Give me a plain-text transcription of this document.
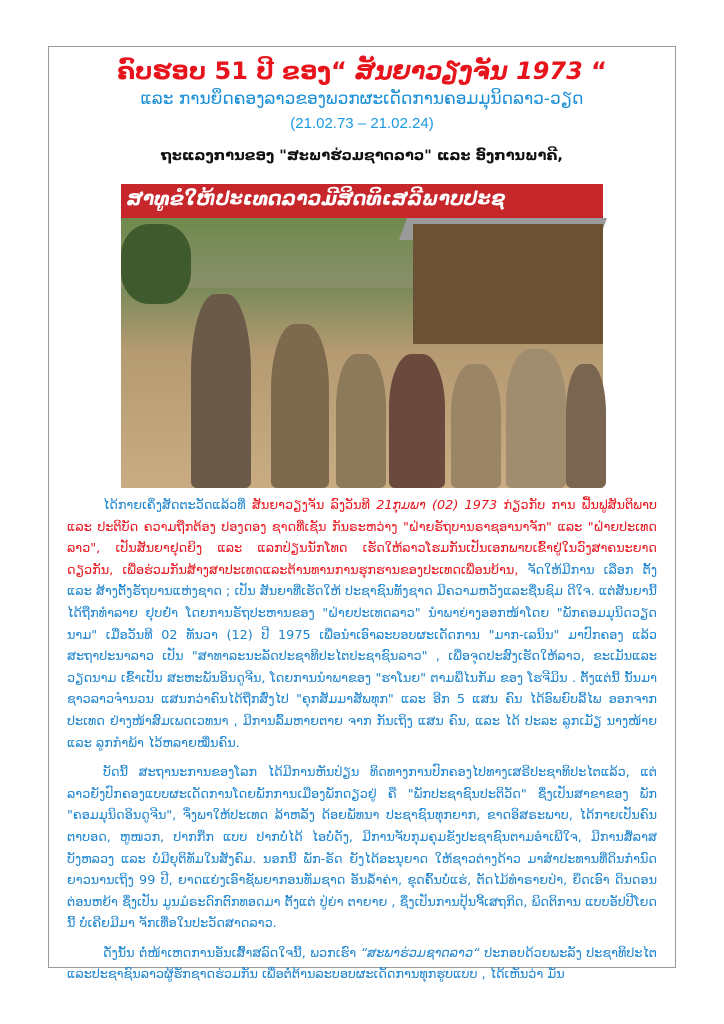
ຄົບຮອບ 51 ປີ ຂອງ“ ສັນຍາວຽງຈັນ 1973 “
ແລະ ການຍຶດຄອງລາວຂອງພວກຜະເດັດການຄອມມຸນິດລາວ-ວຽດ
(21.02.73 – 21.02.24)
ຖະແລງການຂອງ "ສະພາຮ່ວມຊາດລາວ" ແລະ ອົງການພາຄີ,
ສາທູຂໍໃຫ້ປະເທດລາວມີສິດທິເສລີພາບປະຊ

ໄດ້ກາຍເຄິ່ງສັດຕະວັດແລ້ວທີ່ ສັນຍາວຽງຈັນ ລົງວັນທີ 21ກຸມພາ (02) 1973 ກ່ຽວກັບ ການ ຟື້ນຟູສັນຕິພາບ ແລະ ປະຕິບັດ ຄວາມຖືກຕ້ອງ ປອງດອງ ຊາດທີ່ເຊັນ ກັນຣະຫວ່າງ "ຝ່າຍຣັຖບານຣາຊອານາຈັກ" ແລະ "ຝ່າຍປະເທດ ລາວ", ເປັນສັນຍາຢຸດຍິງ ແລະ ແລກປ່ຽນນັກໂທດ ເຮັດໃຫ້ລາວໂຮມກັນເປັນເອກພາບເຂົ້າຢູ່ໃນວົງສາຄນະຍາດ ດຽວກັນ, ເພື່ອຮ່ວມກັນສ້າງສາປະເທດແລະຕ້ານທານການຮຸກຮານຂອງປະເທດເພື່ອນບ້ານ, ຈັດໃຫ້ມີການ ເລືອກ ຕັ້ງ ແລະ ສ້າງຕັ້ງຣັຖບານແຫ່ງຊາດ ; ເປັນ ສັນຍາທີ່ເຮັດໃຫ້ ປະຊາຊົນທັງຊາດ ມີຄວາມຫວັງແລະຊື່ນຊົມ ດີໃຈ. ແຕ່ສັນຍານີ້ ໄດ້ຖືກທຳລາຍ ຢຸບຢ່ຳ ໂດຍການຣັຖປະຫານຂອງ "ຝ່າຍປະເທດລາວ" ນຳພາຍ່າງອອກໜ້າໂດຍ "ພັກຄອມມຸນິດວຽດນາມ" ເມື່ອວັນທີ 02 ທັນວາ (12) ປີ 1975 ເພື່ອນຳເອົາລະບອບຜະເດັດການ "ມາກ-ເລນິນ" ມາປົກຄອງ ແລ້ວສະຖາປະນາລາວ ເປັນ "ສາທາລະນະລັດປະຊາທິປະໄຕປະຊາຊົນລາວ" , ເພື່ອຈຸດປະສົງເຮັດໃຫ້ລາວ, ຂະເມັນແລະວຽດນາມ ເຂົ້າເປັນ ສະຫະພັນອິນດູຈີນ, ໂດຍການນຳພາຂອງ "ຮາໂນຍ" ຕາມພືໄນກັມ ຂອງ ໂຮຈີມິນ . ຕັ້ງແຕ່ນີ້ ນັ້ນມາ ຊາວລາວຈຳນວນ ແສນກວ່າຄົນໄດ້ຖືກສົ່ງໄປ "ຄຸກສັມມາສັພທຸກ" ແລະ ອີກ 5 ແສນ ຄົນ ໄດ້ອົພຍົບລີ້ໄພ ອອກຈາກປະເທດ ຢ່າງໜ້າສົມເພດເວທນາ , ມີການລົ້ມຫາຍຕາຍ ຈາກ ກັນເຖິງ ແສນ ຄົນ, ແລະ ໄດ້ ປະລະ ລູກເມັຽ ນາງໜ້າຍ ແລະ ລູກກຳພ້າ ໄວ້ຫລາຍໝື່ນຄົນ.

ບັດນີ້ ສະຖານະການຂອງໂລກ ໄດ້ມີການຫັນປ່ຽນ ທິດທາງການປົກຄອງໄປທາງເສຣີປະຊາທິປະໄຕແລ້ວ, ແຕ່ ລາວຍັງປົກຄອງແບບຜະເດັດການໂດຍພັກການເມືອງພັກດຽວຢູ່ ຄື "ພັກປະຊາຊົນປະຕິວັດ" ຊຶ່ງເປັນສາຂາຂອງ ພັກ "ຄອມມຸນິດອິນດູຈີນ", ຈຶ່ງພາໃຫ້ປະເທດ ລ້າຫລັງ ດ້ອຍພັທນາ ປະຊາຊົນທຸກຍາກ, ຂາດອິສຣະພາບ, ໄດ້ກາຍເປັນຄົນຕາບອດ, ຫູໜວກ, ປາກກືກ ແບບ ປາກບໍ່ໄດ້ ໄອບໍ່ດັງ, ມີການຈັບກຸມຄຸມຂັງປະຊາຊົນຕາມອຳເພີໃຈ, ມີການສໍ້ລາສບັງຫລວງ ແລະ ບໍ່ມີຍຸຕິທັມໃນສັງຄົມ. ນອກນີ້ ພັກ-ຣັດ ຍັງໄດ້ອະນຸຍາດ ໃຫ້ຊາວຕ່າງດ້າວ ມາສຳປະທານທີ່ດິນກຳນົດຍາວນານເຖິງ 99 ປີ, ຍາດແຍ່ງເອົາຊັພຍາກອນທັມຊາດ ອັນລ້ຳຄ່າ, ຂຸດຄົ້ນບໍ່ແຮ່, ຕັດໄມ້ທຳຣາຍປ່າ, ຍຶດເອົາ ດິນດອນຕ່ອນຫຍ້າ ຊຶ່ງເປັນ ມູນມໍຣະດົກຕົກທອດມາ ຕັ້ງແຕ່ ປູ່ຍ່າ ຕາຍາຍ , ຊຶ່ງເປັນການປຸ້ນຈີ້ເສຖກິດ, ພິດຕິການ ແບບອັປປີໂຍດນີ້ ບໍ່ເຄີຍມີມາ ຈັກເທື່ອໃນປະວັດສາດລາວ.

ດັ່ງນັ້ນ ຕໍ່ໜ້າເຫດການອັນເສົ້າສລົດໃຈນີ້, ພວກເຮົາ “ສະພາຮ່ວມຊາດລາວ“ ປະກອບດ້ວຍພະລັງ ປະຊາທິປະໄຕ ແລະປະຊາຊົນລາວຜູ້ຮັກຊາດຮ່ວມກັນ ເພື່ອຕໍ່ຕ້ານລະບອບຜະເດັດການທຸກຮູບແບບ , ໄດ້ເຫັນວ່າ ມັນ
